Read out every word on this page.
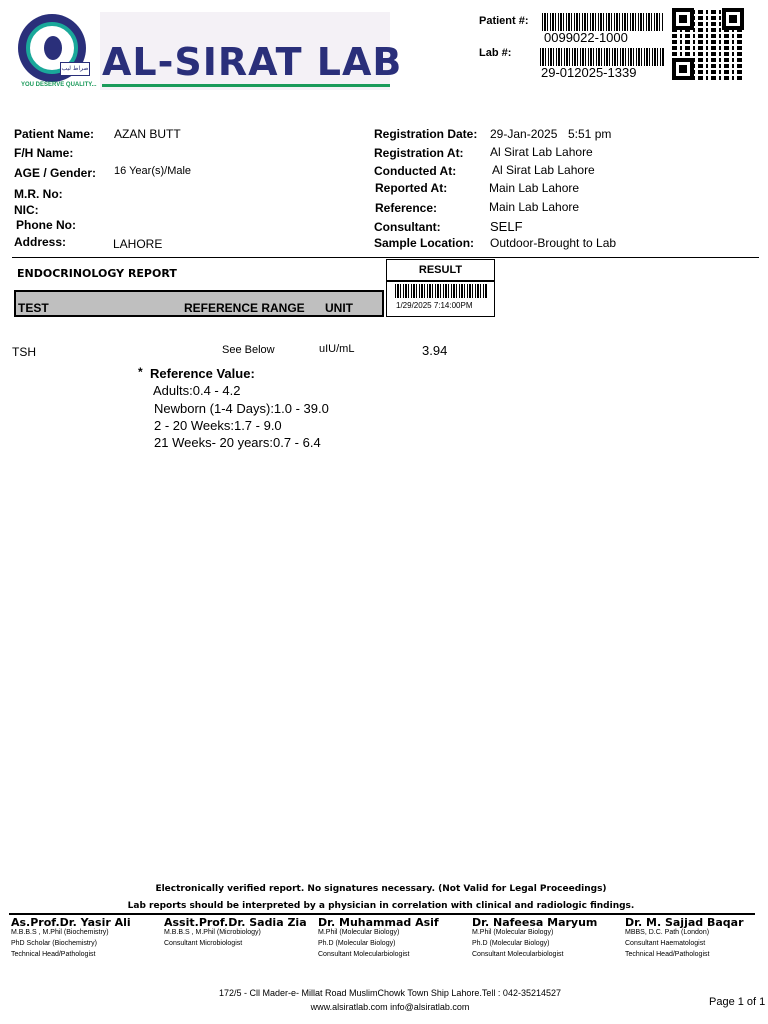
صراط لیب
YOU DESERVE QUALITY...
AL-SIRAT LAB
Patient #:
0099022-1000
Lab #:
29-012025-1339
Patient Name: AZAN BUTT
F/H Name:
AGE / Gender: 16 Year(s)/Male
M.R. No:
NIC:
Phone No:
Address:	LAHORE
Registration Date: 29-Jan-2025 5:51 pm
Registration At: Al Sirat Lab Lahore
Conducted At:	Al Sirat Lab Lahore
Reported At:	Main Lab Lahore
Reference:	Main Lab Lahore
Consultant:	SELF
Sample Location: Outdoor-Brought to Lab
ENDOCRINOLOGY REPORT
TEST	REFERENCE RANGE UNIT
RESULT
1/29/2025 7:14:00PM
TSH	See Below	uIU/mL	3.94
* Reference Value:
Adults:0.4 - 4.2
Newborn (1-4 Days):1.0 - 39.0
2 - 20 Weeks:1.7 - 9.0
21 Weeks- 20 years:0.7 - 6.4
Electronically verified report. No signatures necessary. (Not Valid for Legal Proceedings)
Lab reports should be interpreted by a physician in correlation with clinical and radiologic findings.
As.Prof.Dr. Yasir Ali
M.B.B.S , M.Phil (Biochemistry)
PhD Scholar (Biochemistry)
Technical Head/Pathologist
Assit.Prof.Dr. Sadia Zia
M.B.B.S , M.Phil (Microbiology)
Consultant Microbiologist
Dr. Muhammad Asif
M.Phil (Molecular Biology)
Ph.D (Molecular Biology)
Consultant Molecularbiologist
Dr. Nafeesa Maryum
M.Phil (Molecular Biology)
Ph.D (Molecular Biology)
Consultant Molecularbiologist
Dr. M. Sajjad Baqar
MBBS, D.C. Path (London)
Consultant Haematologist
Technical Head/Pathologist
172/5 - Cll Mader-e- Millat Road MuslimChowk Town Ship Lahore.Tell : 042-35214527
www.alsiratlab.com info@alsiratlab.com	Page 1 of 1
